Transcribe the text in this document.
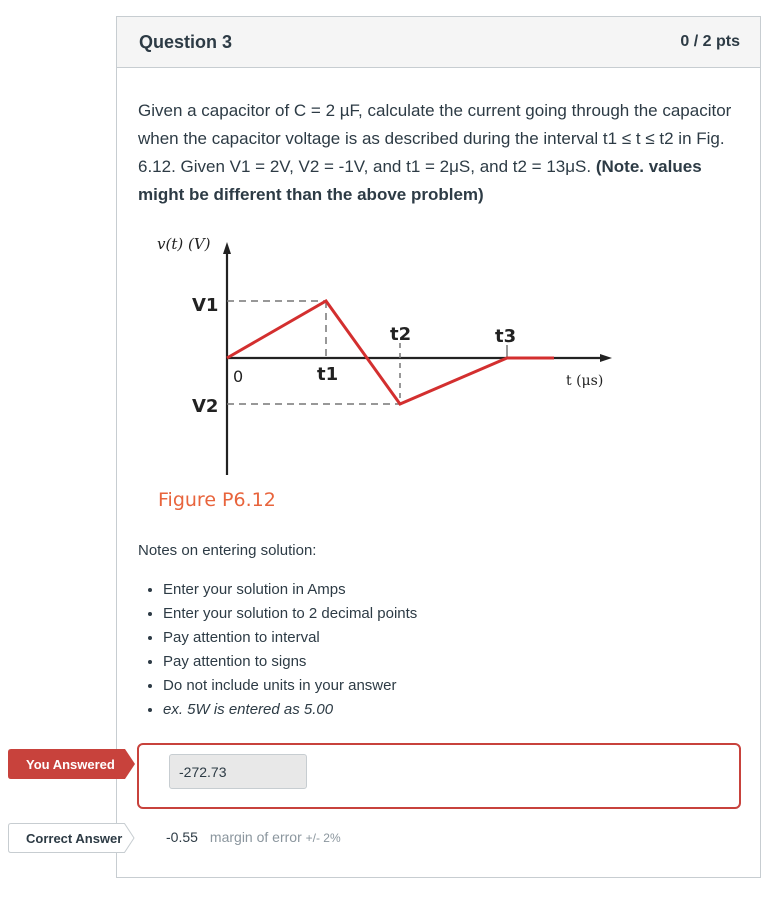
Question 3	0 / 2 pts
Given a capacitor of C = 2 µF, calculate the current going through the capacitor when the capacitor voltage is as described during the interval t1 ≤ t ≤ t2 in Fig. 6.12. Given V1 = 2V, V2 = -1V, and t1 = 2μS, and t2 = 13μS. (Note. values might be different than the above problem)
Notes on entering solution:
• Enter your solution in Amps
• Enter your solution to 2 decimal points
• Pay attention to interval
• Pay attention to signs
• Do not include units in your answer
• ex. 5W is entered as 5.00
v(t) (V)
V1
V2
0	t1
t2	t3
t (μs)
Figure P6.12
You Answered	-272.73
Correct Answer	-0.55 margin of error +/- 2%
